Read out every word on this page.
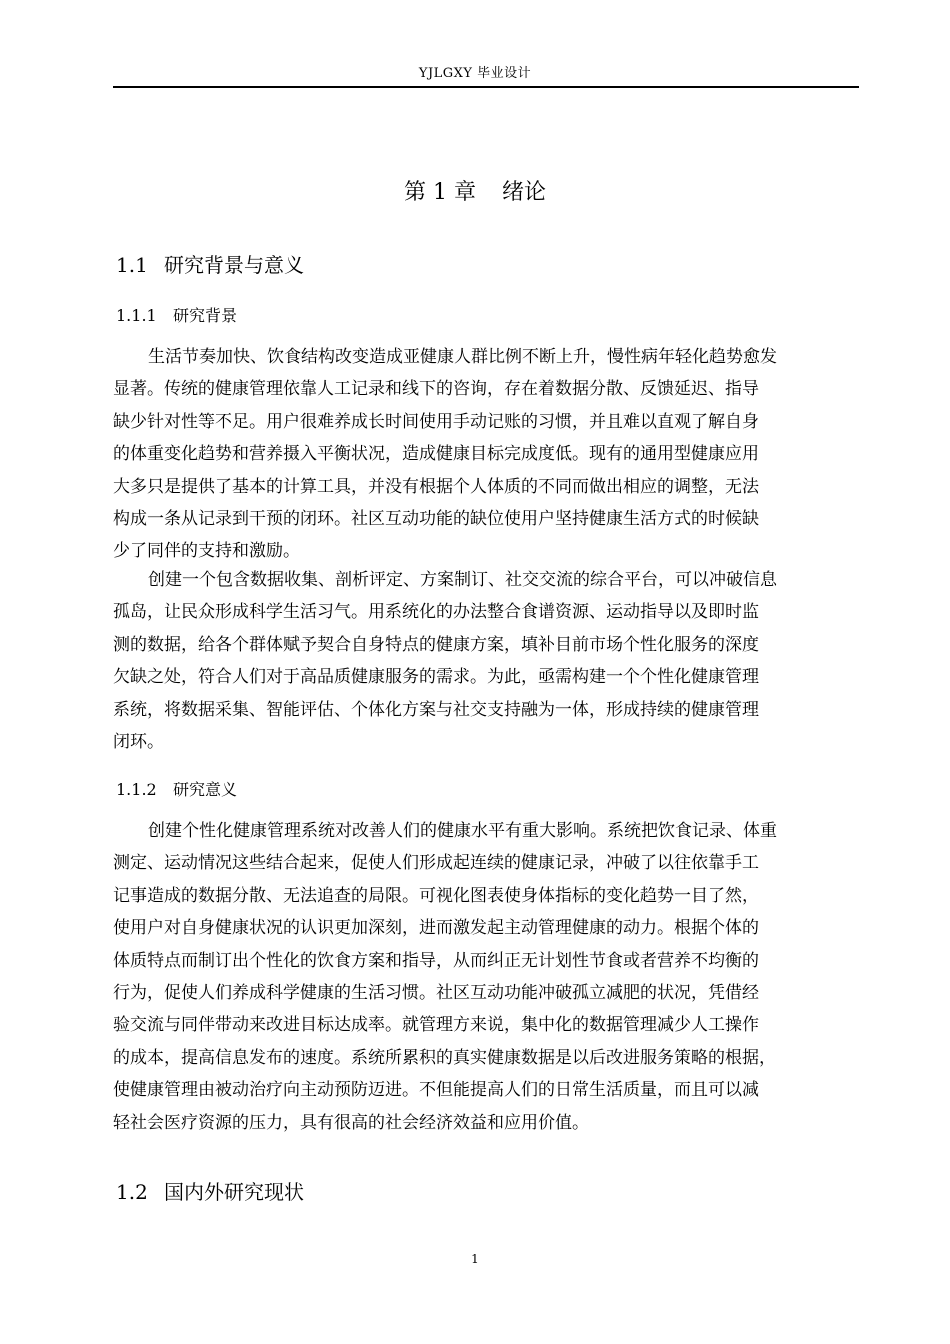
YJLGXY 毕业设计
第 1 章 绪论
1.1 研究背景与意义
1.1.1 研究背景
生活节奏加快、饮食结构改变造成亚健康人群比例不断上升，慢性病年轻化趋势愈发
显著。传统的健康管理依靠人工记录和线下的咨询，存在着数据分散、反馈延迟、指导
缺少针对性等不足。用户很难养成长时间使用手动记账的习惯，并且难以直观了解自身
的体重变化趋势和营养摄入平衡状况，造成健康目标完成度低。现有的通用型健康应用
大多只是提供了基本的计算工具，并没有根据个人体质的不同而做出相应的调整，无法
构成一条从记录到干预的闭环。社区互动功能的缺位使用户坚持健康生活方式的时候缺
少了同伴的支持和激励。
创建一个包含数据收集、剖析评定、方案制订、社交交流的综合平台，可以冲破信息
孤岛，让民众形成科学生活习气。用系统化的办法整合食谱资源、运动指导以及即时监
测的数据，给各个群体赋予契合自身特点的健康方案，填补目前市场个性化服务的深度
欠缺之处，符合人们对于高品质健康服务的需求。为此，亟需构建一个个性化健康管理
系统，将数据采集、智能评估、个体化方案与社交支持融为一体，形成持续的健康管理
闭环。
1.1.2 研究意义
创建个性化健康管理系统对改善人们的健康水平有重大影响。系统把饮食记录、体重
测定、运动情况这些结合起来，促使人们形成起连续的健康记录，冲破了以往依靠手工
记事造成的数据分散、无法追查的局限。可视化图表使身体指标的变化趋势一目了然，
使用户对自身健康状况的认识更加深刻，进而激发起主动管理健康的动力。根据个体的
体质特点而制订出个性化的饮食方案和指导，从而纠正无计划性节食或者营养不均衡的
行为，促使人们养成科学健康的生活习惯。社区互动功能冲破孤立减肥的状况，凭借经
验交流与同伴带动来改进目标达成率。就管理方来说，集中化的数据管理减少人工操作
的成本，提高信息发布的速度。系统所累积的真实健康数据是以后改进服务策略的根据，
使健康管理由被动治疗向主动预防迈进。不但能提高人们的日常生活质量，而且可以减
轻社会医疗资源的压力，具有很高的社会经济效益和应用价值。
1.2 国内外研究现状
1
